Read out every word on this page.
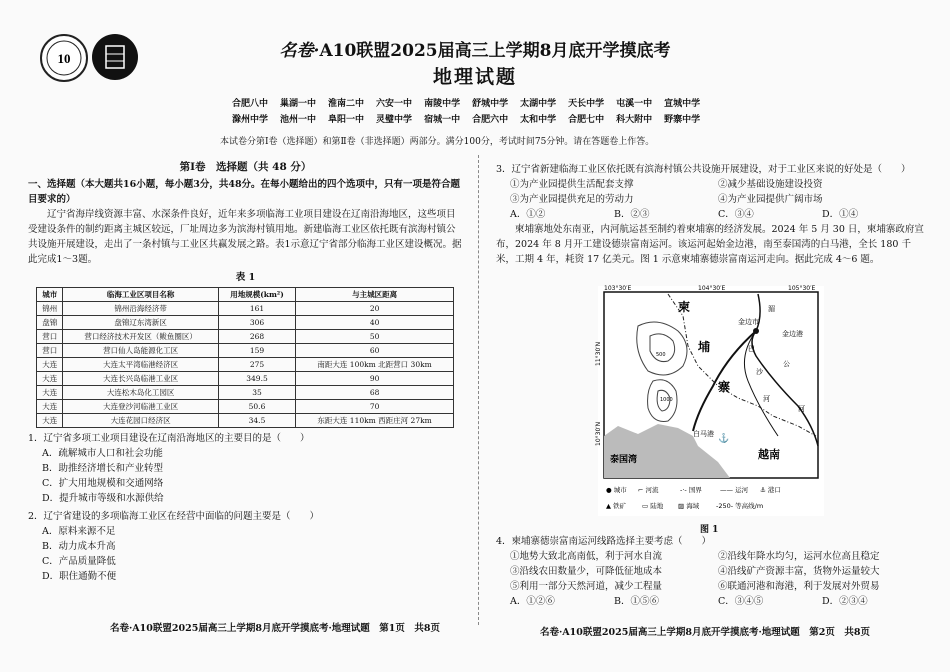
10	名卷·A10联盟2025届高三上学期8月底开学摸底考
地理试题
合肥八中 巢湖一中 淮南二中 六安一中 南陵中学 舒城中学 太湖中学 天长中学 屯溪一中 宣城中学滁州中学 池州一中 阜阳一中 灵璧中学 宿城一中 合肥六中 太和中学 合肥七中 科大附中 野寨中学
本试卷分第Ⅰ卷（选择题）和第Ⅱ卷（非选择题）两部分。满分100分，考试时间75分钟。请在答题卷上作答。
第Ⅰ卷　选择题（共 48 分）
一、选择题（本大题共16小题，每小题3分，共48分。在每小题给出的四个选项中，只有一项是符合题目要求的）
辽宁省海岸线资源丰富、水深条件良好，近年来多项临海工业项目建设在辽南沿海地区，这些项目受建设条件的制约距离主城区较远，厂址周边多为滨海村镇用地。新建临海工业区依托既有滨海村镇公共设施开展建设，走出了一条村镇与工业区共赢发展之路。表1示意辽宁省部分临海工业区建设概况。据此完成1～3题。
表 1
城市	临海工业区项目名称	用地规模(km²)	与主城区距离
锦州	锦州沿海经济带	161	20
盘锦	盘锦辽东湾新区	306	40
营口	营口经济技术开发区（鲅鱼圈区）	268	50
营口	营口仙人岛能源化工区	159	60
大连	大连太平湾临港经济区	275	南距大连 100km 北距营口 30km
大连	大连长兴岛临港工业区	349.5	90
大连	大连松木岛化工园区	35	68
大连	大连登沙河临港工业区	50.6	70
大连	大连花园口经济区	34.5	东距大连 110km 西距庄河 27km
1．辽宁省多项工业项目建设在辽南沿海地区的主要目的是（　　）
A．疏解城市人口和社会功能
B．助推经济增长和产业转型
C．扩大用地规模和交通网络
D．提升城市等级和水源供给
2．辽宁省建设的多项临海工业区在经营中面临的问题主要是（　　）
A．原料来源不足
B．动力成本升高
C．产品质量降低
D．职住通勤不便
3．辽宁省新建临海工业区依托既有滨海村镇公共设施开展建设，对于工业区来说的好处是（　　）
①为产业园提供生活配套支撑	②减少基础设施建设投资
③为产业园提供充足的劳动力	④为产业园提供广阔市场
A．①②	B．②③	C．③④	D．①④
柬埔寨地处东南亚，内河航运甚至制约着柬埔寨的经济发展。2024 年 5 月 30 日，柬埔寨政府宣布，2024 年 8 月开工建设德崇富南运河。该运河起始金边港，南至泰国湾的白马港，全长 180 千米，工期 4 年，耗资 17 亿美元。图 1 示意柬埔寨德崇富南运河走向。据此完成 4～6 题。
金边市
金边港
白马港 ⚓
柬
埔
寨
越南
泰国湾
103°30′E	104°30′E	105°30′E
11°30′N
10°30′N
湄
公
河
巴
沙
河
500
1000
● 城市 ⌐ 河流	-·- 国界	—— 运河 ⚓ 港口
▲ 铁矿 ▭ 陆地 ▨ 海域	-250- 等高线/m
图 1
4．柬埔寨德崇富南运河线路选择主要考虑（　　）
①地势大致北高南低，利于河水自流	②沿线年降水均匀，运河水位高且稳定
③沿线农田数量少，可降低征地成本	④沿线矿产资源丰富，货物外运量较大
⑤利用一部分天然河道，减少工程量	⑥联通河港和海港，利于发展对外贸易
A．①②⑥	B．①⑤⑥	C．③④⑤	D．②③④
名卷·A10联盟2025届高三上学期8月底开学摸底考·地理试题　第1页　共8页	名卷·A10联盟2025届高三上学期8月底开学摸底考·地理试题　第2页　共8页
